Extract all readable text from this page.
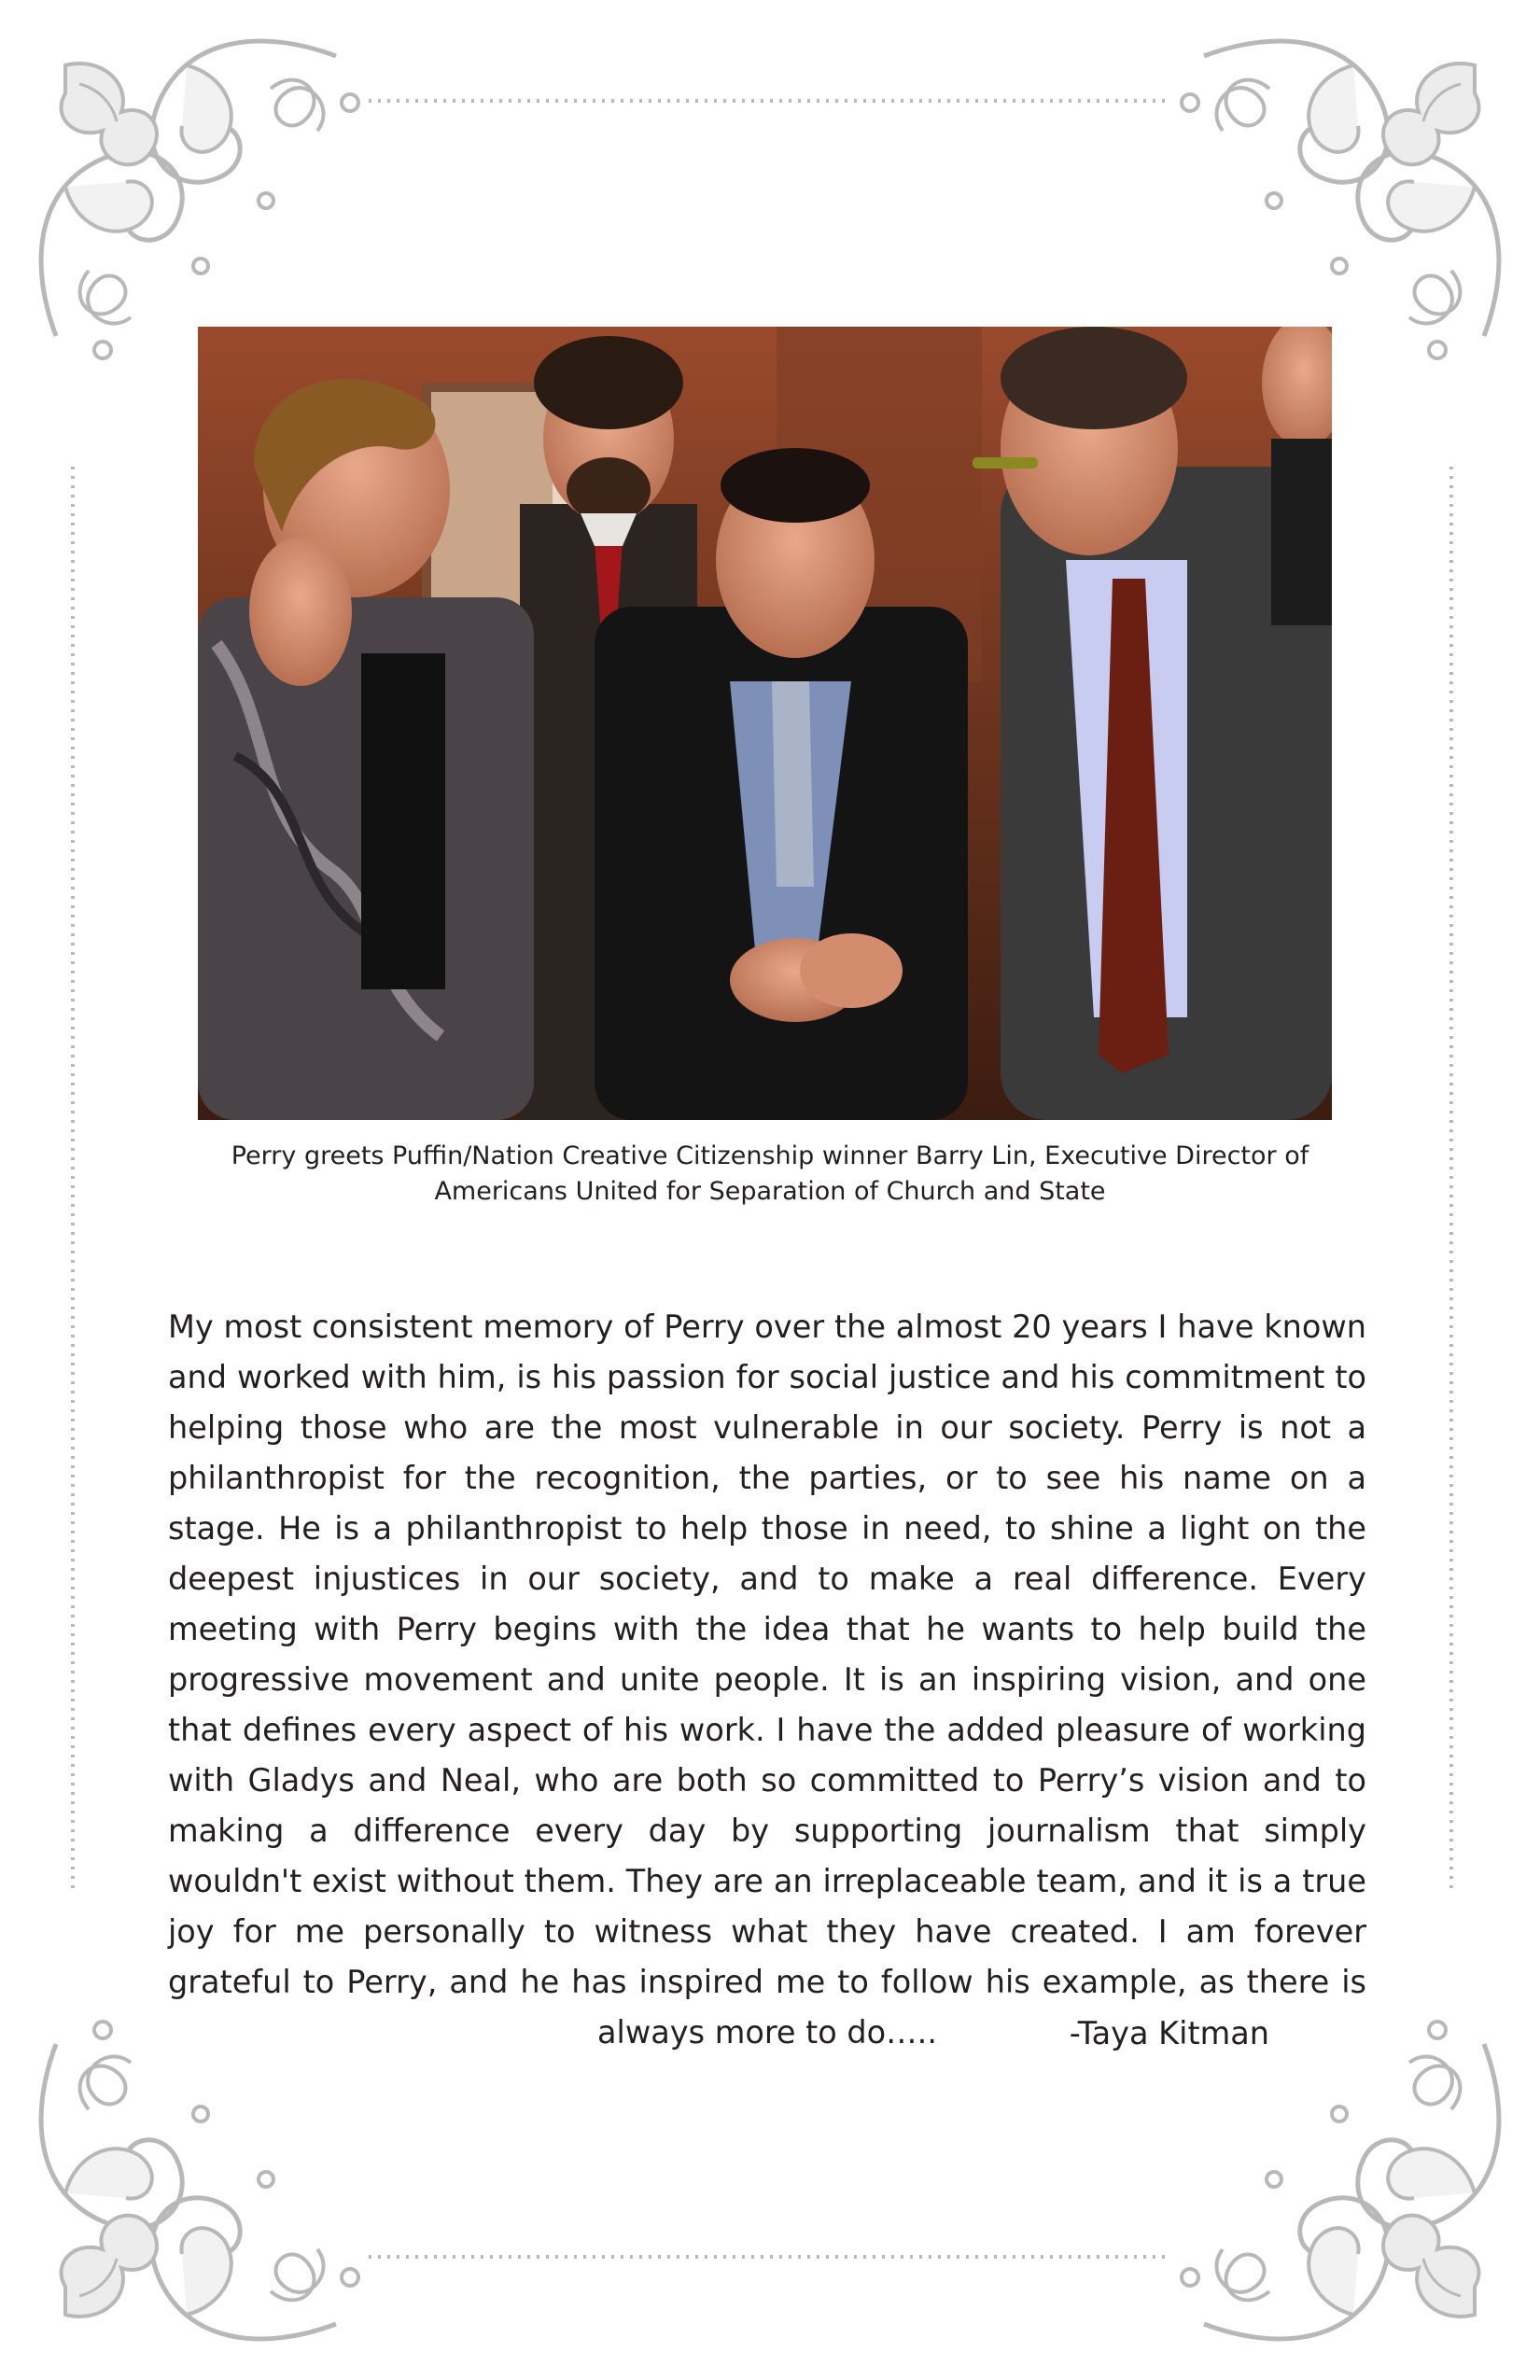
Perry greets Puffin/Nation Creative Citizenship winner Barry Lin, Executive Director of
Americans United for Separation of Church and State
My most consistent memory of Perry over the almost 20 years I have known and worked with him, is his passion for social justice and his commitment to helping those who are the most vulnerable in our society. Perry is not a philanthropist for the recognition, the parties, or to see his name on a stage. He is a philanthropist to help those in need, to shine a light on the deepest injustices in our society, and to make a real difference. Every meeting with Perry begins with the idea that he wants to help build the progressive movement and unite people. It is an inspiring vision, and one that defines every aspect of his work. I have the added pleasure of working with Gladys and Neal, who are both so committed to Perry’s vision and to making a difference every day by supporting journalism that simply wouldn't exist without them. They are an irreplaceable team, and it is a true joy for me personally to witness what they have created. I am forever grateful to Perry, and he has inspired me to follow his example, as there is always more to do…..	-Taya Kitman
